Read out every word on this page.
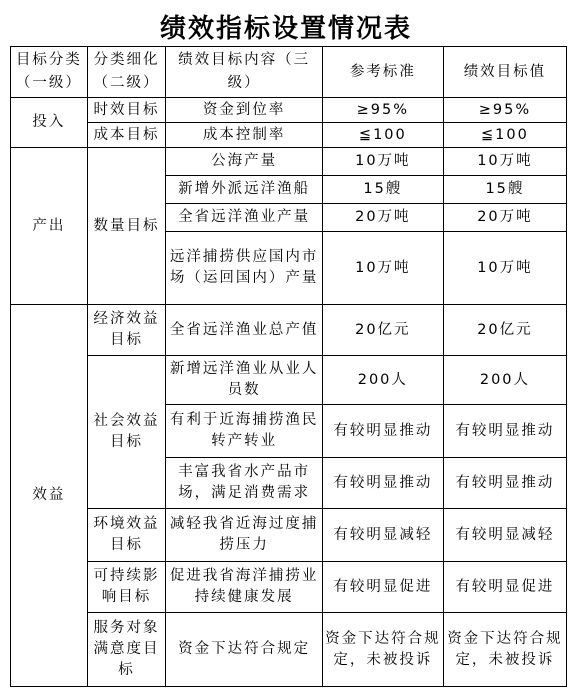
绩效指标设置情况表
目标分类（一级）	分类细化（二级）	绩效目标内容（三级）	参考标准	绩效目标值
投入	时效目标	资金到位率	≥95%	≥95%
	成本目标	成本控制率	≦100	≦100
产出	数量目标	公海产量	10万吨	10万吨
		新增外派远洋渔船	15艘	15艘
		全省远洋渔业产量	20万吨	20万吨
		远洋捕捞供应国内市场（运回国内）产量	10万吨	10万吨
效益	经济效益目标	全省远洋渔业总产值	20亿元	20亿元
	社会效益目标	新增远洋渔业从业人员数	200人	200人
		有利于近海捕捞渔民转产转业	有较明显推动	有较明显推动
		丰富我省水产品市场，满足消费需求	有较明显推动	有较明显推动
	环境效益目标	减轻我省近海过度捕捞压力	有较明显减轻	有较明显减轻
	可持续影响目标	促进我省海洋捕捞业持续健康发展	有较明显促进	有较明显促进
	服务对象满意度目标	资金下达符合规定	资金下达符合规定，未被投诉	资金下达符合规定，未被投诉
